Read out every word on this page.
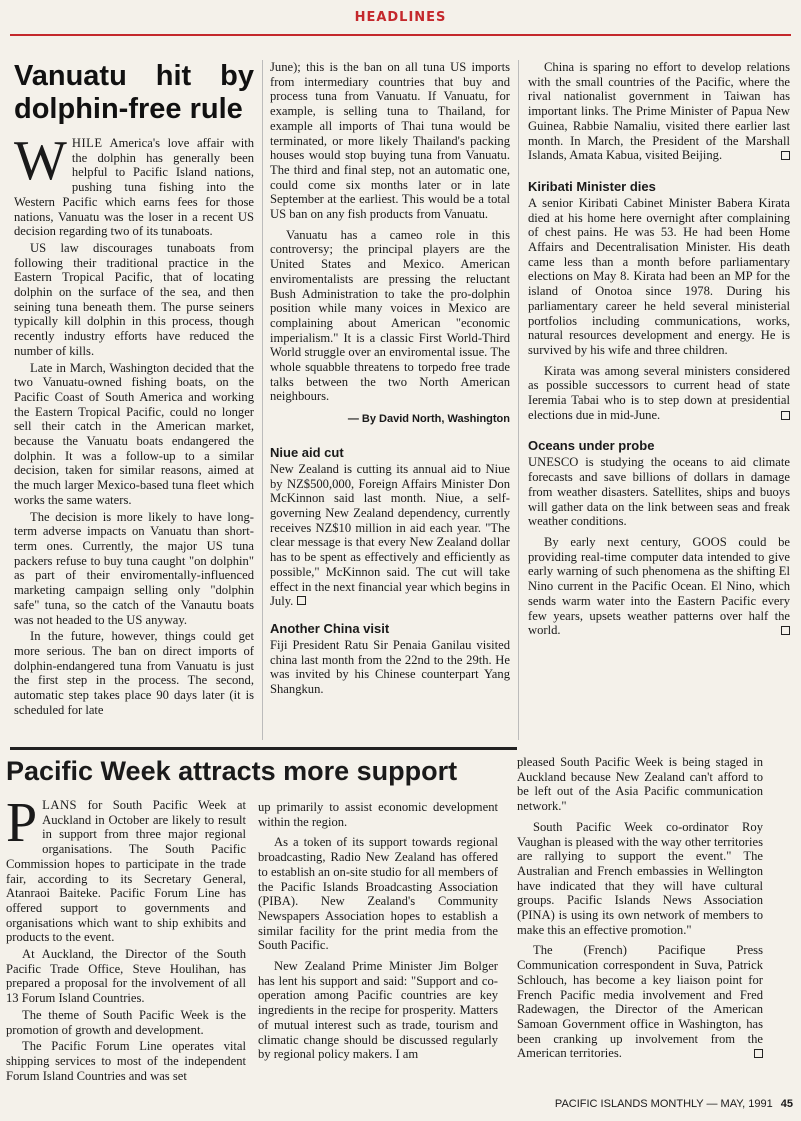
HEADLINES
Vanuatu hit by dolphin-free rule

WHILE America's love affair with the dolphin has generally been helpful to Pacific Island nations, pushing tuna fishing into the Western Pacific which earns fees for those nations, Vanuatu was the loser in a recent US decision regarding two of its tunaboats.

US law discourages tunaboats from following their traditional practice in the Eastern Tropical Pacific, that of locating dolphin on the surface of the sea, and then seining tuna beneath them. The purse seiners typically kill dolphin in this process, though recently industry efforts have reduced the number of kills.

Late in March, Washington decided that the two Vanuatu-owned fishing boats, on the Pacific Coast of South America and working the Eastern Tropical Pacific, could no longer sell their catch in the American market, because the Vanuatu boats endangered the dolphin. It was a follow-up to a similar decision, taken for similar reasons, aimed at the much larger Mexico-based tuna fleet which works the same waters.

The decision is more likely to have long-term adverse impacts on Vanuatu than short-term ones. Currently, the major US tuna packers refuse to buy tuna caught "on dolphin" as part of their enviromentally-influenced marketing campaign selling only "dolphin safe" tuna, so the catch of the Vanautu boats was not headed to the US anyway.

In the future, however, things could get more serious. The ban on direct imports of dolphin-endangered tuna from Vanuatu is just the first step in the process. The second, automatic step takes place 90 days later (it is scheduled for late

June); this is the ban on all tuna US imports from intermediary countries that buy and process tuna from Vanuatu. If Vanuatu, for example, is selling tuna to Thailand, for example all imports of Thai tuna would be terminated, or more likely Thailand's packing houses would stop buying tuna from Vanuatu. The third and final step, not an automatic one, could come six months later or in late September at the earliest. This would be a total US ban on any fish products from Vanuatu.

Vanuatu has a cameo role in this controversy; the principal players are the United States and Mexico. American enviromentalists are pressing the reluctant Bush Administration to take the pro-dolphin position while many voices in Mexico are complaining about American "economic imperialism." It is a classic First World-Third World struggle over an enviromental issue. The whole squabble threatens to torpedo free trade talks between the two North American neighbours.

— By David North, Washington
Niue aid cut

New Zealand is cutting its annual aid to Niue by NZ$500,000, Foreign Affairs Minister Don McKinnon said last month. Niue, a self-governing New Zealand dependency, currently receives NZ$10 million in aid each year. "The clear message is that every New Zealand dollar has to be spent as effectively and efficiently as possible," McKinnon said. The cut will take effect in the next financial year which begins in July.

Another China visit

Fiji President Ratu Sir Penaia Ganilau visited china last month from the 22nd to the 29th. He was invited by his Chinese counterpart Yang Shangkun.

China is sparing no effort to develop relations with the small countries of the Pacific, where the rival nationalist government in Taiwan has important links. The Prime Minister of Papua New Guinea, Rabbie Namaliu, visited there earlier last month. In March, the President of the Marshall Islands, Amata Kabua, visited Beijing.

Kiribati Minister dies

A senior Kiribati Cabinet Minister Babera Kirata died at his home here overnight after complaining of chest pains. He was 53. He had been Home Affairs and Decentralisation Minister. His death came less than a month before parliamentary elections on May 8. Kirata had been an MP for the island of Onotoa since 1978. During his parliamentary career he held several ministerial portfolios including communications, works, natural resources development and energy. He is survived by his wife and three children.

Kirata was among several ministers considered as possible successors to current head of state Ieremia Tabai who is to step down at presidential elections due in mid-June.

Oceans under probe

UNESCO is studying the oceans to aid climate forecasts and save billions of dollars in damage from weather disasters. Satellites, ships and buoys will gather data on the link between seas and freak weather conditions.

By early next century, GOOS could be providing real-time computer data intended to give early warning of such phenomena as the shifting El Nino current in the Pacific Ocean. El Nino, which sends warm water into the Eastern Pacific every few years, upsets weather patterns over half the world.

Pacific Week attracts more support

PLANS for South Pacific Week at Auckland in October are likely to result in support from three major regional organisations. The South Pacific Commission hopes to participate in the trade fair, according to its Secretary General, Atanraoi Baiteke. Pacific Forum Line has offered support to governments and organisations which want to ship exhibits and products to the event.

At Auckland, the Director of the South Pacific Trade Office, Steve Houlihan, has prepared a proposal for the involvement of all 13 Forum Island Countries.

The theme of South Pacific Week is the promotion of growth and development.

The Pacific Forum Line operates vital shipping services to most of the independent Forum Island Countries and was set

up primarily to assist economic development within the region.

As a token of its support towards regional broadcasting, Radio New Zealand has offered to establish an on-site studio for all members of the Pacific Islands Broadcasting Association (PIBA). New Zealand's Community Newspapers Association hopes to establish a similar facility for the print media from the South Pacific.

New Zealand Prime Minister Jim Bolger has lent his support and said: "Support and co-operation among Pacific countries are key ingredients in the recipe for prosperity. Matters of mutual interest such as trade, tourism and climatic change should be discussed regularly by regional policy makers. I am

pleased South Pacific Week is being staged in Auckland because New Zealand can't afford to be left out of the Asia Pacific communication network."

South Pacific Week co-ordinator Roy Vaughan is pleased with the way other territories are rallying to support the event." The Australian and French embassies in Wellington have indicated that they will have cultural groups. Pacific Islands News Association (PINA) is using its own network of members to make this an effective promotion."

The (French) Pacifique Press Communication correspondent in Suva, Patrick Schlouch, has become a key liaison point for French Pacific media involvement and Fred Radewagen, the Director of the American Samoan Government office in Washington, has been cranking up involvement from the American territories.

PACIFIC ISLANDS MONTHLY — MAY, 1991 45
